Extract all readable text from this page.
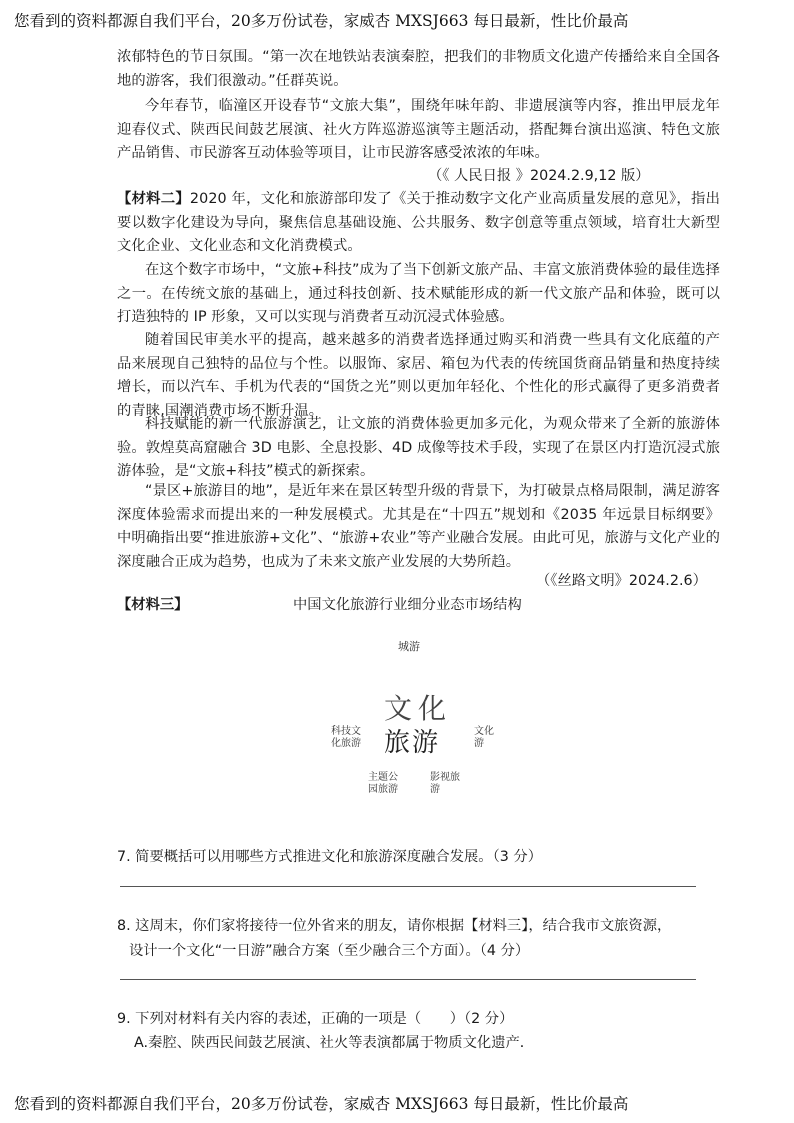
您看到的资料都源自我们平台，20多万份试卷，家威杏 MXSJ663 每日最新，性比价最高
浓郁特色的节日氛围。“第一次在地铁站表演秦腔，把我们的非物质文化遗产传播给来自全国各地的游客，我们很激动。”任群英说。
今年春节，临潼区开设春节“文旅大集”，围绕年味年韵、非遗展演等内容，推出甲辰龙年迎春仪式、陕西民间鼓艺展演、社火方阵巡游巡演等主题活动，搭配舞台演出巡演、特色文旅产品销售、市民游客互动体验等项目，让市民游客感受浓浓的年味。
（《 人民日报 》2024.2.9,12 版）
【材料二】2020 年，文化和旅游部印发了《关于推动数字文化产业高质量发展的意见》，指出要以数字化建设为导向，聚焦信息基础设施、公共服务、数字创意等重点领域，培育壮大新型文化企业、文化业态和文化消费模式。
在这个数字市场中，“文旅+科技”成为了当下创新文旅产品、丰富文旅消费体验的最佳选择之一。在传统文旅的基础上，通过科技创新、技术赋能形成的新一代文旅产品和体验，既可以打造独特的 IP 形象，又可以实现与消费者互动沉浸式体验感。
随着国民审美水平的提高，越来越多的消费者选择通过购买和消费一些具有文化底蕴的产品来展现自己独特的品位与个性。以服饰、家居、箱包为代表的传统国货商品销量和热度持续增长，而以汽车、手机为代表的“国货之光”则以更加年轻化、个性化的形式赢得了更多消费者的青睐,国潮消费市场不断升温。
科技赋能的新一代旅游演艺，让文旅的消费体验更加多元化，为观众带来了全新的旅游体验。敦煌莫高窟融合 3D 电影、全息投影、4D 成像等技术手段，实现了在景区内打造沉浸式旅游体验，是“文旅+科技”模式的新探索。
“景区+旅游目的地”，是近年来在景区转型升级的背景下，为打破景点格局限制，满足游客深度体验需求而提出来的一种发展模式。尤其是在“十四五”规划和《2035 年远景目标纲要》中明确指出要“推进旅游+文化”、“旅游+农业”等产业融合发展。由此可见，旅游与文化产业的深度融合正成为趋势，也成为了未来文旅产业发展的大势所趋。
（《丝路文明》2024.2.6）
【材料三】	中国文化旅游行业细分业态市场结构
城游
文化
旅游
科技文
化旅游
文化
游
主题公
园旅游
影视旅
游
7. 简要概括可以用哪些方式推进文化和旅游深度融合发展。（3 分）
8. 这周末，你们家将接待一位外省来的朋友，请你根据【材料三】，结合我市文旅资源，
设计一个文化“一日游”融合方案（至少融合三个方面）。（4 分）
9. 下列对材料有关内容的表述，正确的一项是（　　）（2 分）
A.秦腔、陕西民间鼓艺展演、社火等表演都属于物质文化遗产．
您看到的资料都源自我们平台，20多万份试卷，家威杏 MXSJ663 每日最新，性比价最高
